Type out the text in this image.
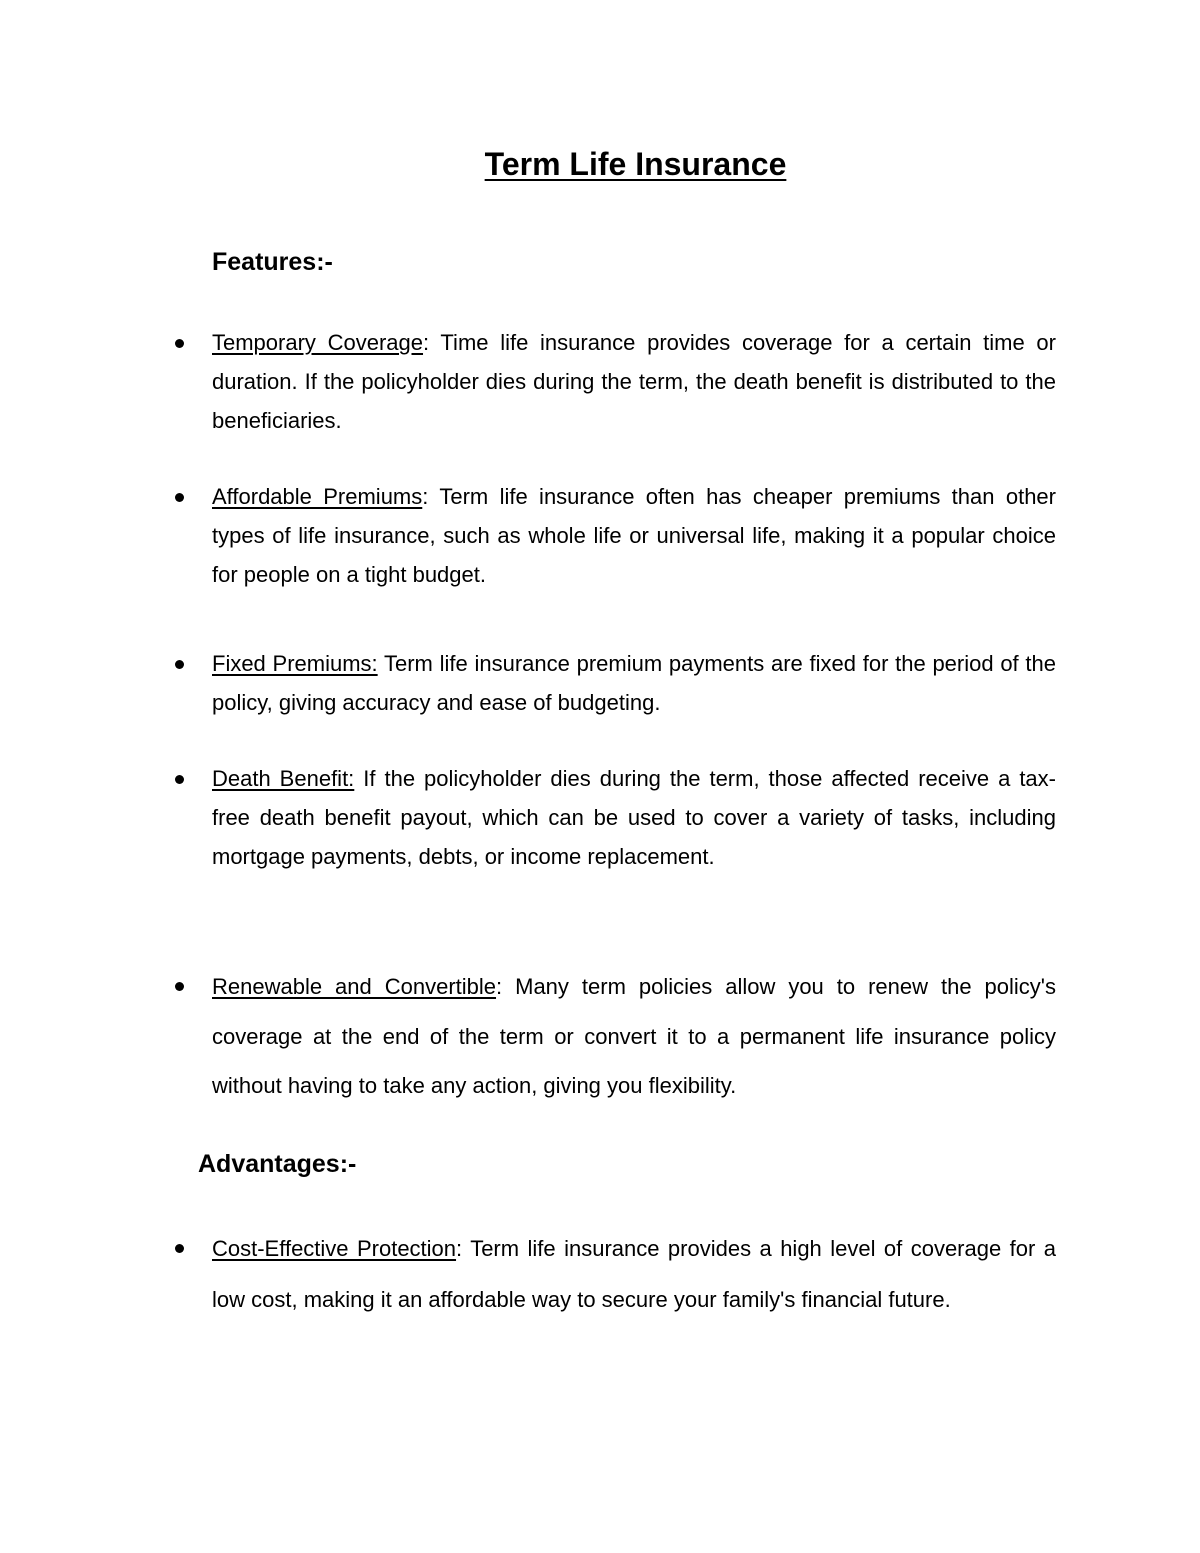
Term Life Insurance
Features:-
Temporary Coverage: Time life insurance provides coverage for a certain time or duration. If the policyholder dies during the term, the death benefit is distributed to the beneficiaries.
Affordable Premiums: Term life insurance often has cheaper premiums than other types of life insurance, such as whole life or universal life, making it a popular choice for people on a tight budget.
Fixed Premiums: Term life insurance premium payments are fixed for the period of the policy, giving accuracy and ease of budgeting.
Death Benefit: If the policyholder dies during the term, those affected receive a tax-free death benefit payout, which can be used to cover a variety of tasks, including mortgage payments, debts, or income replacement.
Renewable and Convertible: Many term policies allow you to renew the policy's coverage at the end of the term or convert it to a permanent life insurance policy without having to take any action, giving you flexibility.
Advantages:-
Cost-Effective Protection: Term life insurance provides a high level of coverage for a low cost, making it an affordable way to secure your family's financial future.
